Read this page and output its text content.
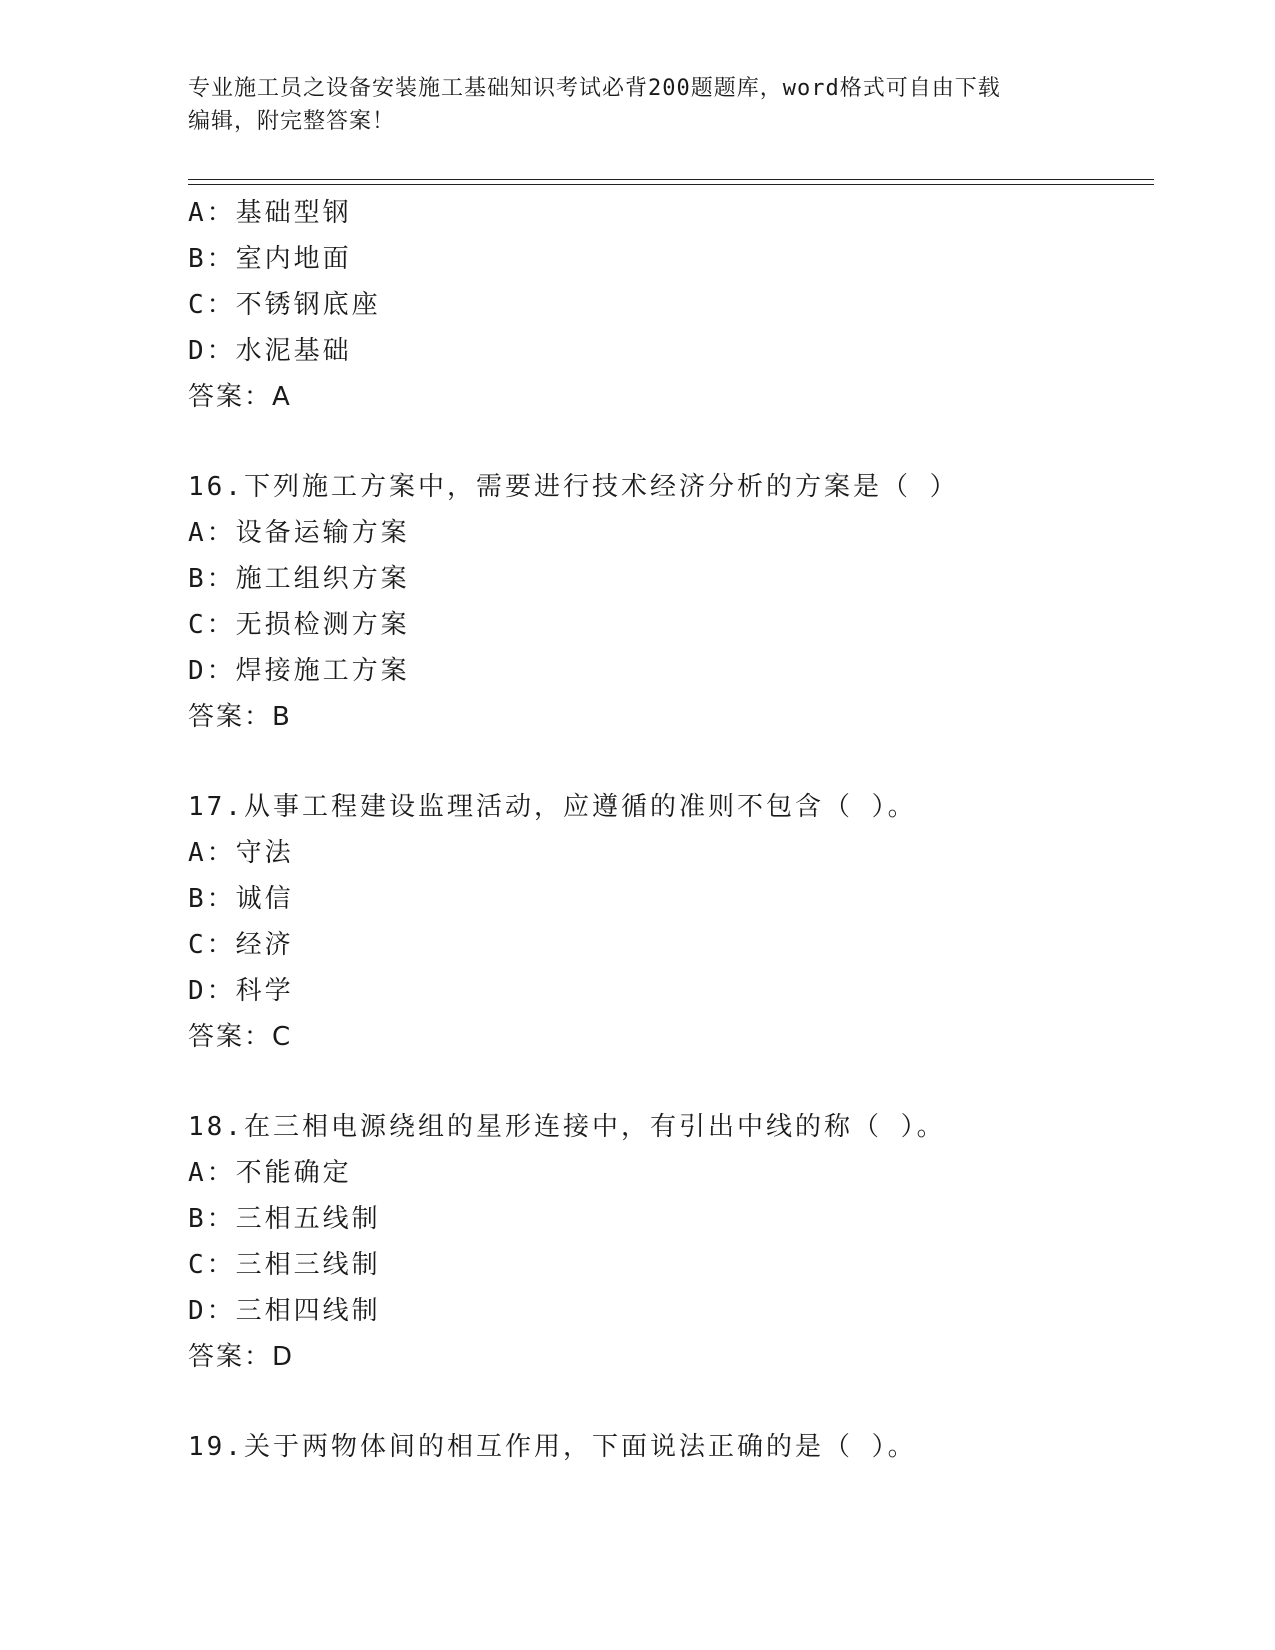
专业施工员之设备安装施工基础知识考试必背200题题库，word格式可自由下载
编辑，附完整答案！
A：基础型钢
B：室内地面
C：不锈钢底座
D：水泥基础
答案：A
16.下列施工方案中，需要进行技术经济分析的方案是（ ）
A：设备运输方案
B：施工组织方案
C：无损检测方案
D：焊接施工方案
答案：B
17.从事工程建设监理活动，应遵循的准则不包含（ ）。
A：守法
B：诚信
C：经济
D：科学
答案：C
18.在三相电源绕组的星形连接中，有引出中线的称（ ）。
A：不能确定
B：三相五线制
C：三相三线制
D：三相四线制
答案：D
19.关于两物体间的相互作用，下面说法正确的是（ ）。
